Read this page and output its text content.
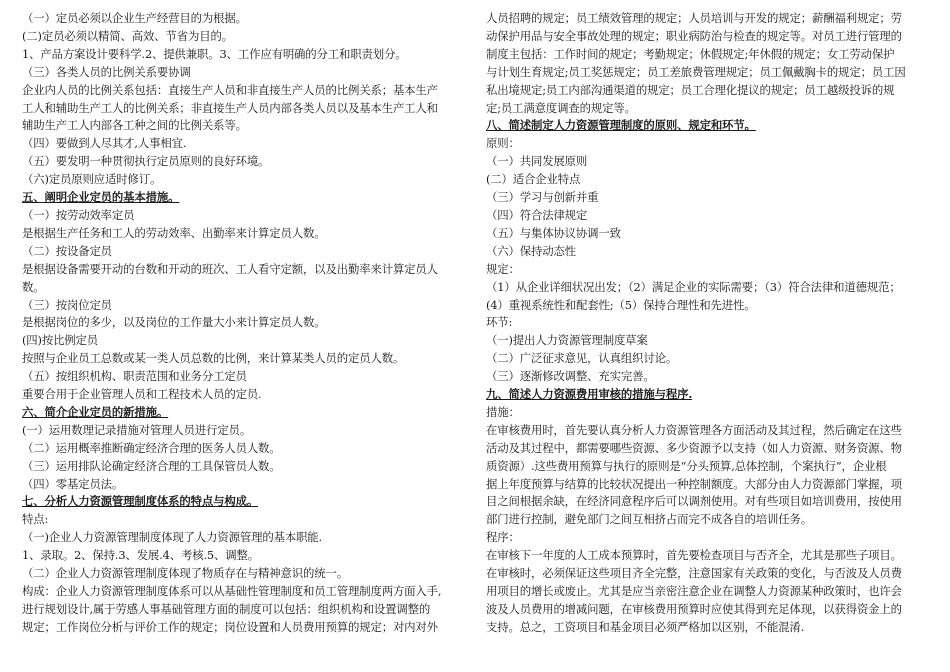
（一）定员必须以企业生产经营目的为根据。
(二)定员必须以精简、高效、节省为目的。
1、产品方案设计要科学.2、提供兼职。3、工作应有明确的分工和职责划分。
（三）各类人员的比例关系要协调
企业内人员的比例关系包括：直接生产人员和非直接生产人员的比例关系；基本生产
工人和辅助生产工人的比例关系；非直接生产人员内部各类人员以及基本生产工人和
辅助生产工人内部各工种之间的比例关系等。
（四）要做到人尽其才,人事相宜.
（五）要发明一种贯彻执行定员原则的良好环境。
（六)定员原则应适时修订。
五、阐明企业定员的基本措施。
（一）按劳动效率定员
是根据生产任务和工人的劳动效率、出勤率来计算定员人数。
（二）按设备定员
是根据设备需要开动的台数和开动的班次、工人看守定额，以及出勤率来计算定员人
数。
（三）按岗位定员
是根据岗位的多少，以及岗位的工作量大小来计算定员人数。
(四)按比例定员
按照与企业员工总数或某一类人员总数的比例，来计算某类人员的定员人数。
（五）按组织机构、职责范围和业务分工定员
重要合用于企业管理人员和工程技术人员的定员.
六、简介企业定员的新措施。
(一）运用数理记录措施对管理人员进行定员。
（二）运用概率推断确定经济合理的医务人员人数。
（三）运用排队论确定经济合理的工具保管员人数。
（四）零基定员法。
七、分析人力资源管理制度体系的特点与构成。
特点:
（一)企业人力资源管理制度体现了人力资源管理的基本职能.
1、录取。2、保持.3、发展.4、考核.5、调整。
（二）企业人力资源管理制度体现了物质存在与精神意识的统一。
构成：企业人力资源管理制度体系可以从基础性管理制度和员工管理制度两方面入手,
进行规划设计,属于劳感人事基础管理方面的制度可以包括：组织机构和设置调整的
规定；工作岗位分析与评价工作的规定；岗位设置和人员费用预算的规定；对内对外
人员招聘的规定；员工绩效管理的规定；人员培训与开发的规定；薪酬福利规定；劳
动保护用品与安全事故处理的规定；职业病防治与检查的规定等。对员工进行管理的
制度主包括：工作时间的规定；考勤规定；休假规定;年休假的规定；女工劳动保护
与计划生育规定;员工奖惩规定；员工差旅费管理规定；员工佩戴胸卡的规定；员工因
私出境规定;员工内部沟通渠道的规定；员工合理化提议的规定；员工越级投诉的规
定;员工满意度调查的规定等。
八、简述制定人力资源管理制度的原则、规定和环节。
原则：
（一）共同发展原则
(二）适合企业特点
（三）学习与创新并重
（四）符合法律规定
（五）与集体协议协调一致
（六）保持动态性
规定：
（1）从企业详细状况出发；（2）满足企业的实际需要；（3）符合法律和道德规范；
(4）重视系统性和配套性;（5）保持合理性和先进性。
环节:
（一)提出人力资源管理制度草案
（二）广泛征求意见，认真组织讨论。
（三）逐渐修改调整、充实完善。
九、简述人力资源费用审核的措施与程序.
措施：
在审核费用时，首先要认真分析人力资源管理各方面活动及其过程，然后确定在这些
活动及其过程中，都需要哪些资源、多少资源予以支持（如人力资源、财务资源、物
质资源）.这些费用预算与执行的原则是“分头预算,总体控制，个案执行”，企业根
据上年度预算与结算的比较状况提出一种控制额度。大部分由人力资源部门掌握，项
目之间根据余缺，在经济同意程序后可以调剂使用。对有些项目如培训费用，按使用
部门进行控制，避免部门之间互相挤占而完不成各自的培训任务。
程序：
在审核下一年度的人工成本预算时，首先要检查项目与否齐全，尤其是那些子项目。
在审核时，必须保证这些项目齐全完整，注意国家有关政策的变化，与否波及人员费
用项目的增长或废止。尤其是应当亲密注意企业在调整人力资源某种政策时，也许会
波及人员费用的增减问题，在审核费用预算时应使其得到充足体现，以获得资金上的
支持。总之，工资项目和基金项目必须严格加以区别，不能混淆.
